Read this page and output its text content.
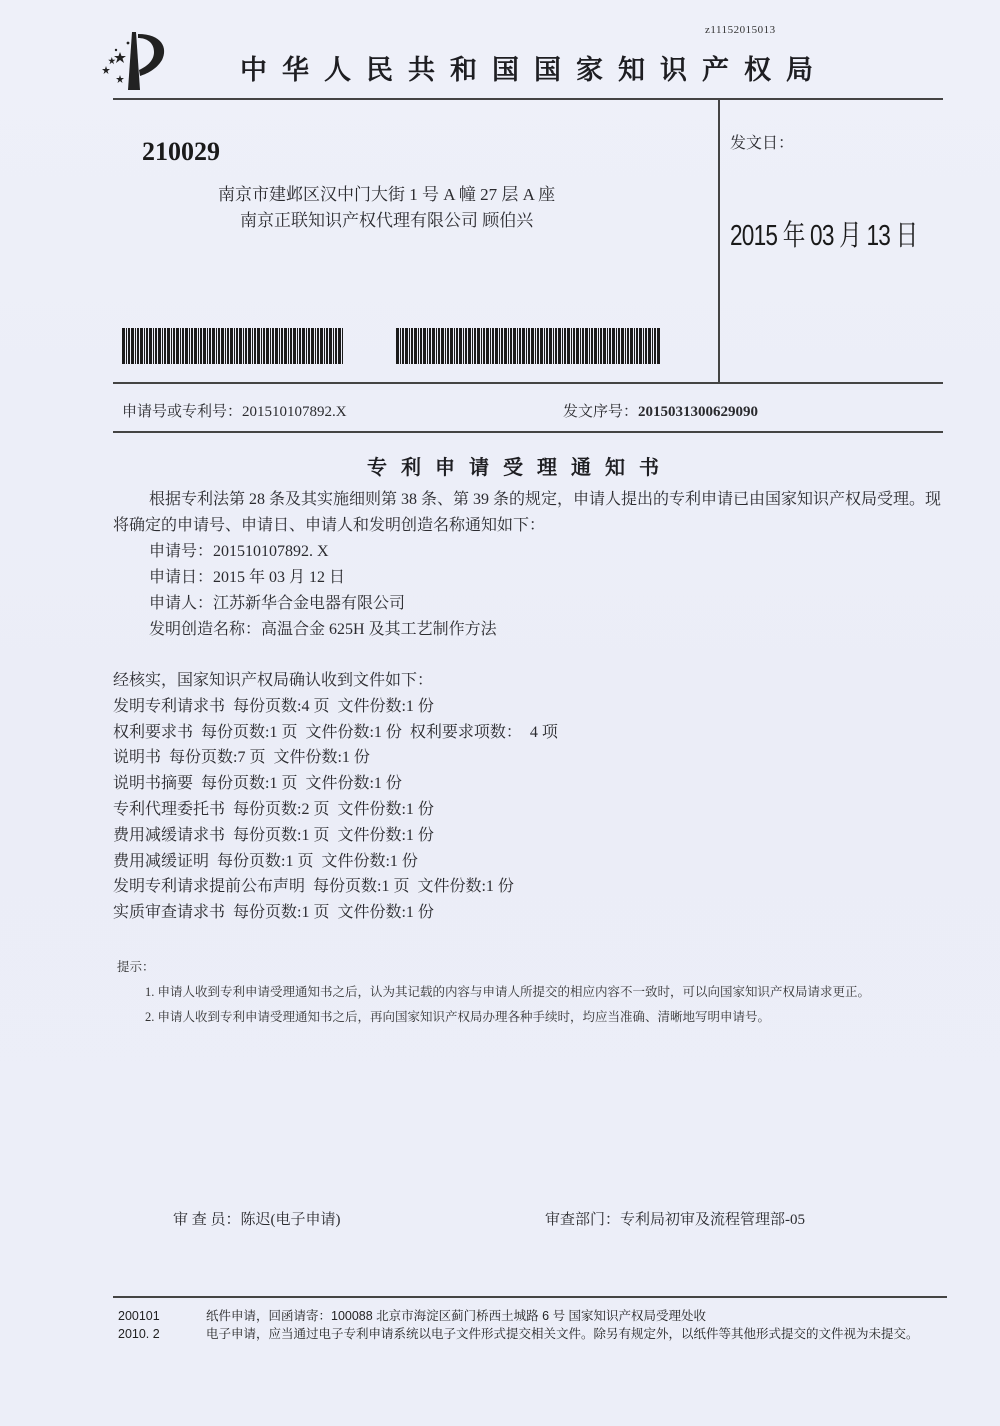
z11152015013
中华人民共和国国家知识产权局
210029
南京市建邺区汉中门大街 1 号 A 幢 27 层 A 座
南京正联知识产权代理有限公司 顾伯兴
发文日：
2015 年 03 月 13 日
申请号或专利号：201510107892.X	发文序号：2015031300629090
专利申请受理通知书
根据专利法第 28 条及其实施细则第 38 条、第 39 条的规定，申请人提出的专利申请已由国家知识产权局受理。现将确定的申请号、申请日、申请人和发明创造名称通知如下：
申请号：201510107892. X
申请日：2015 年 03 月 12 日
申请人：江苏新华合金电器有限公司
发明创造名称：高温合金 625H 及其工艺制作方法
经核实，国家知识产权局确认收到文件如下：
发明专利请求书  每份页数:4 页  文件份数:1 份
权利要求书  每份页数:1 页  文件份数:1 份  权利要求项数：  4 项
说明书  每份页数:7 页  文件份数:1 份
说明书摘要  每份页数:1 页  文件份数:1 份
专利代理委托书  每份页数:2 页  文件份数:1 份
费用减缓请求书  每份页数:1 页  文件份数:1 份
费用减缓证明  每份页数:1 页  文件份数:1 份
发明专利请求提前公布声明  每份页数:1 页  文件份数:1 份
实质审查请求书  每份页数:1 页  文件份数:1 份
提示：
1. 申请人收到专利申请受理通知书之后，认为其记载的内容与申请人所提交的相应内容不一致时，可以向国家知识产权局请求更正。
2. 申请人收到专利申请受理通知书之后，再向国家知识产权局办理各种手续时，均应当准确、清晰地写明申请号。
审 查 员：陈迟(电子申请)	审查部门：专利局初审及流程管理部-05
200101
2010. 2
纸件申请，回函请寄：100088 北京市海淀区蓟门桥西土城路 6 号 国家知识产权局受理处收
电子申请，应当通过电子专利申请系统以电子文件形式提交相关文件。除另有规定外，以纸件等其他形式提交的文件视为未提交。
